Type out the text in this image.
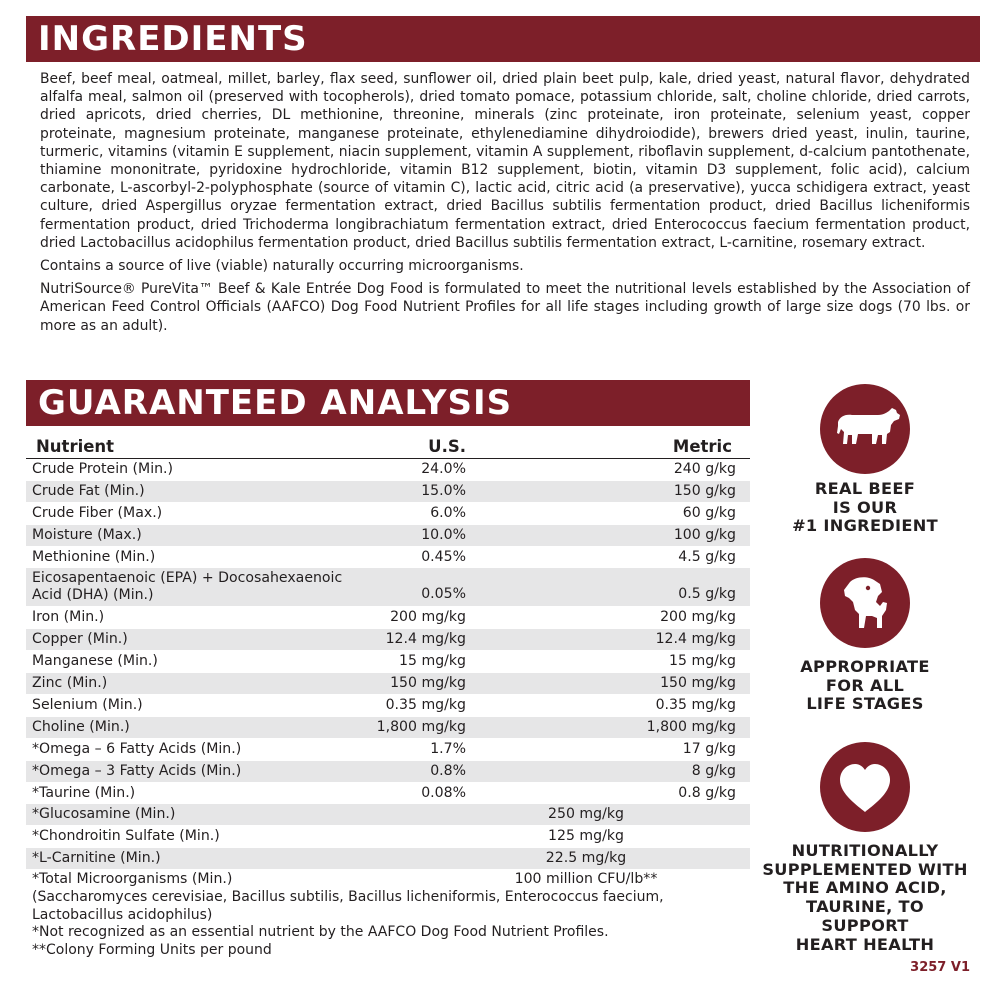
INGREDIENTS

Beef, beef meal, oatmeal, millet, barley, flax seed, sunflower oil, dried plain beet pulp, kale, dried yeast, natural flavor, dehydrated alfalfa meal, salmon oil (preserved with tocopherols), dried tomato pomace, potassium chloride, salt, choline chloride, dried carrots, dried apricots, dried cherries, DL methionine, threonine, minerals (zinc proteinate, iron proteinate, selenium yeast, copper proteinate, magnesium proteinate, manganese proteinate, ethylenediamine dihydroiodide), brewers dried yeast, inulin, taurine, turmeric, vitamins (vitamin E supplement, niacin supplement, vitamin A supplement, riboflavin supplement, d-calcium pantothenate, thiamine mononitrate, pyridoxine hydrochloride, vitamin B12 supplement, biotin, vitamin D3 supplement, folic acid), calcium carbonate, L-ascorbyl-2-polyphosphate (source of vitamin C), lactic acid, citric acid (a preservative), yucca schidigera extract, yeast culture, dried Aspergillus oryzae fermentation extract, dried Bacillus subtilis fermentation product, dried Bacillus licheniformis fermentation product, dried Trichoderma longibrachiatum fermentation extract, dried Enterococcus faecium fermentation product, dried Lactobacillus acidophilus fermentation product, dried Bacillus subtilis fermentation extract, L-carnitine, rosemary extract.

Contains a source of live (viable) naturally occurring microorganisms.

NutriSource® PureVita™ Beef & Kale Entrée Dog Food is formulated to meet the nutritional levels established by the Association of American Feed Control Officials (AAFCO) Dog Food Nutrient Profiles for all life stages including growth of large size dogs (70 lbs. or more as an adult).

GUARANTEED ANALYSIS
Nutrient	U.S.	Metric
Crude Protein (Min.)	24.0%	240 g/kg
Crude Fat (Min.)	15.0%	150 g/kg
Crude Fiber (Max.)	6.0%	60 g/kg
Moisture (Max.)	10.0%	100 g/kg
Methionine (Min.)	0.45%	4.5 g/kg
Eicosapentaenoic (EPA) + Docosahexaenoic Acid (DHA) (Min.)	0.05%	0.5 g/kg
Iron (Min.)	200 mg/kg	200 mg/kg
Copper (Min.)	12.4 mg/kg	12.4 mg/kg
Manganese (Min.)	15 mg/kg	15 mg/kg
Zinc (Min.)	150 mg/kg	150 mg/kg
Selenium (Min.)	0.35 mg/kg	0.35 mg/kg
Choline (Min.)	1,800 mg/kg	1,800 mg/kg
*Omega – 6 Fatty Acids (Min.)	1.7%	17 g/kg
*Omega – 3 Fatty Acids (Min.)	0.8%	8 g/kg
*Taurine (Min.)	0.08%	0.8 g/kg
*Glucosamine (Min.)	250 mg/kg
*Chondroitin Sulfate (Min.)	125 mg/kg
*L-Carnitine (Min.)	22.5 mg/kg
*Total Microorganisms (Min.)	100 million CFU/lb**
(Saccharomyces cerevisiae, Bacillus subtilis, Bacillus licheniformis, Enterococcus faecium, Lactobacillus acidophilus)
*Not recognized as an essential nutrient by the AAFCO Dog Food Nutrient Profiles.
**Colony Forming Units per pound
REAL BEEF
IS OUR
#1 INGREDIENT
APPROPRIATE
FOR ALL
LIFE STAGES
NUTRITIONALLY
SUPPLEMENTED WITH
THE AMINO ACID,
TAURINE, TO SUPPORT
HEART HEALTH
3257 V1
